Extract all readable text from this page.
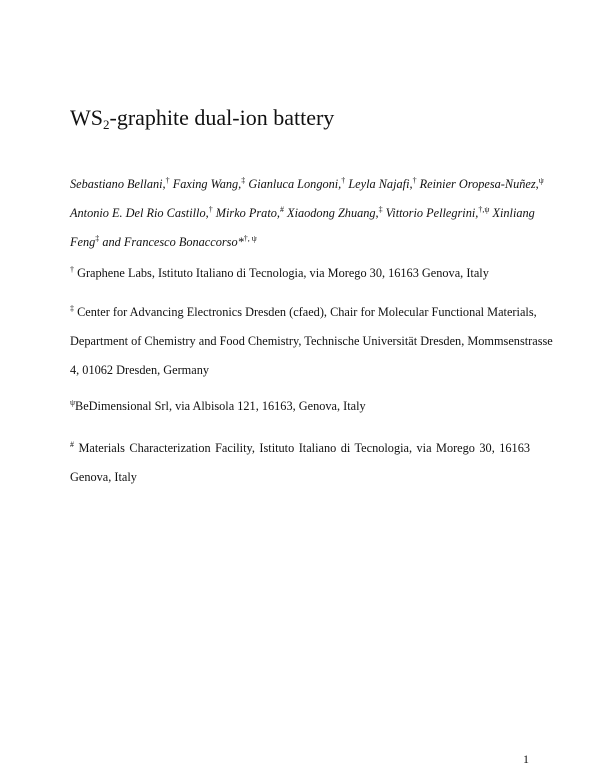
$WS_2$-graphite dual-ion battery
Sebastiano Bellani,† Faxing Wang,‡ Gianluca Longoni,† Leyla Najafi,† Reinier Oropesa-Nuñez,$^\psi$
Antonio E. Del Rio Castillo,† Mirko Prato,# Xiaodong Zhuang,‡ Vittorio Pellegrini,$^{\dagger,\psi}$ Xinliang
Feng‡ and Francesco Bonaccorso*$^{\dagger, \psi}$
† Graphene Labs, Istituto Italiano di Tecnologia, via Morego 30, 16163 Genova, Italy
‡ Center for Advancing Electronics Dresden (cfaed), Chair for Molecular Functional Materials,
Department of Chemistry and Food Chemistry, Technische Universität Dresden, Mommsenstrasse
4, 01062 Dresden, Germany
$^\psi$BeDimensional Srl, via Albisola 121, 16163, Genova, Italy
# Materials Characterization Facility, Istituto Italiano di Tecnologia, via Morego 30, 16163
Genova, Italy
1
